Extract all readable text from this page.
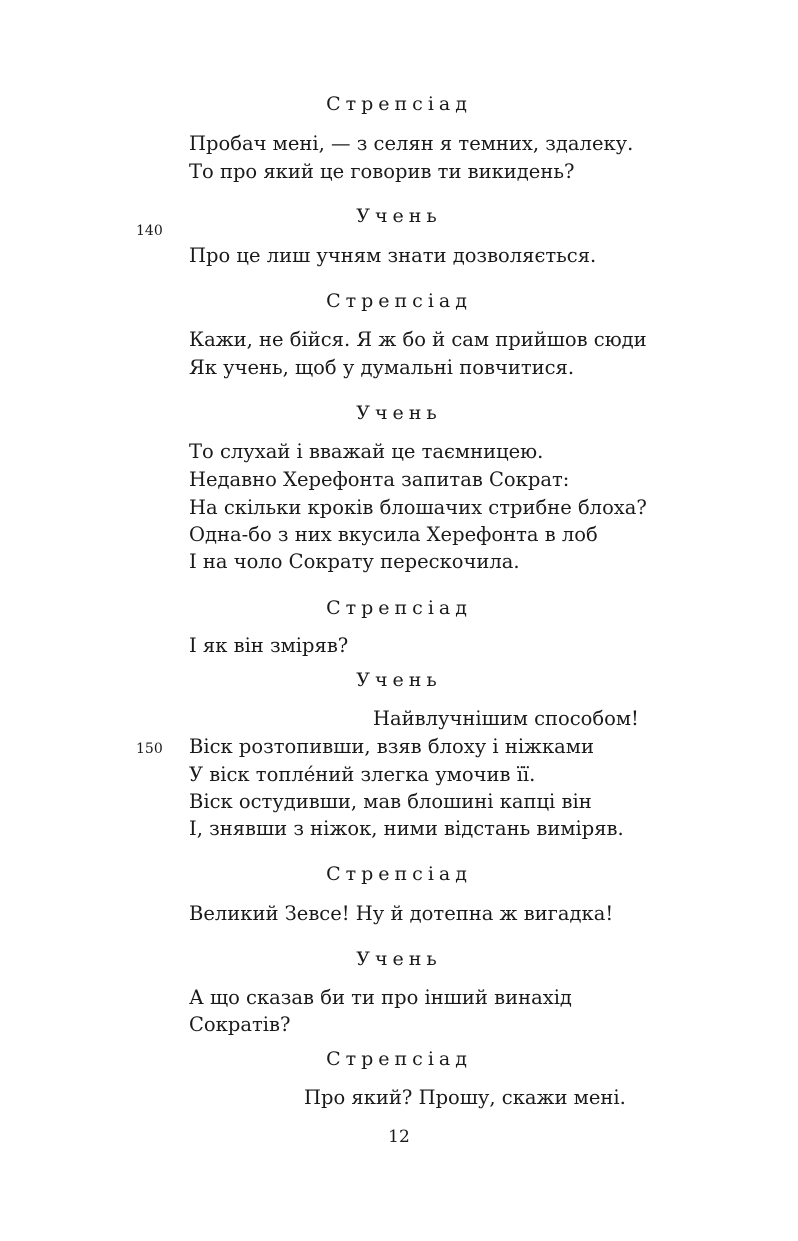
Стрепсіад
Пробач мені, — з селян я темних, здалеку.
То про який це говорив ти викидень?
Учень
140
Про це лиш учням знати дозволяється.
Стрепсіад
Кажи, не бійся. Я ж бо й сам прийшов сюди
Як учень, щоб у думальні повчитися.
Учень
То слухай і вважай це таємницею.
Недавно Херефонта запитав Сократ:
На скільки кроків блошачих стрибне блоха?
Одна-бо з них вкусила Херефонта в лоб
І на чоло Сократу перескочила.
Стрепсіад
І як він зміряв?
Учень
Найвлучнішим способом!
150 Віск розтопивши, взяв блоху і ніжками
У віск топле́ний злегка умочив її.
Віск остудивши, мав блошині капці він
І, знявши з ніжок, ними відстань виміряв.
Стрепсіад
Великий Зевсе! Ну й дотепна ж вигадка!
Учень
А що сказав би ти про інший винахід
Сократів?
Стрепсіад
Про який? Прошу, скажи мені.
12
